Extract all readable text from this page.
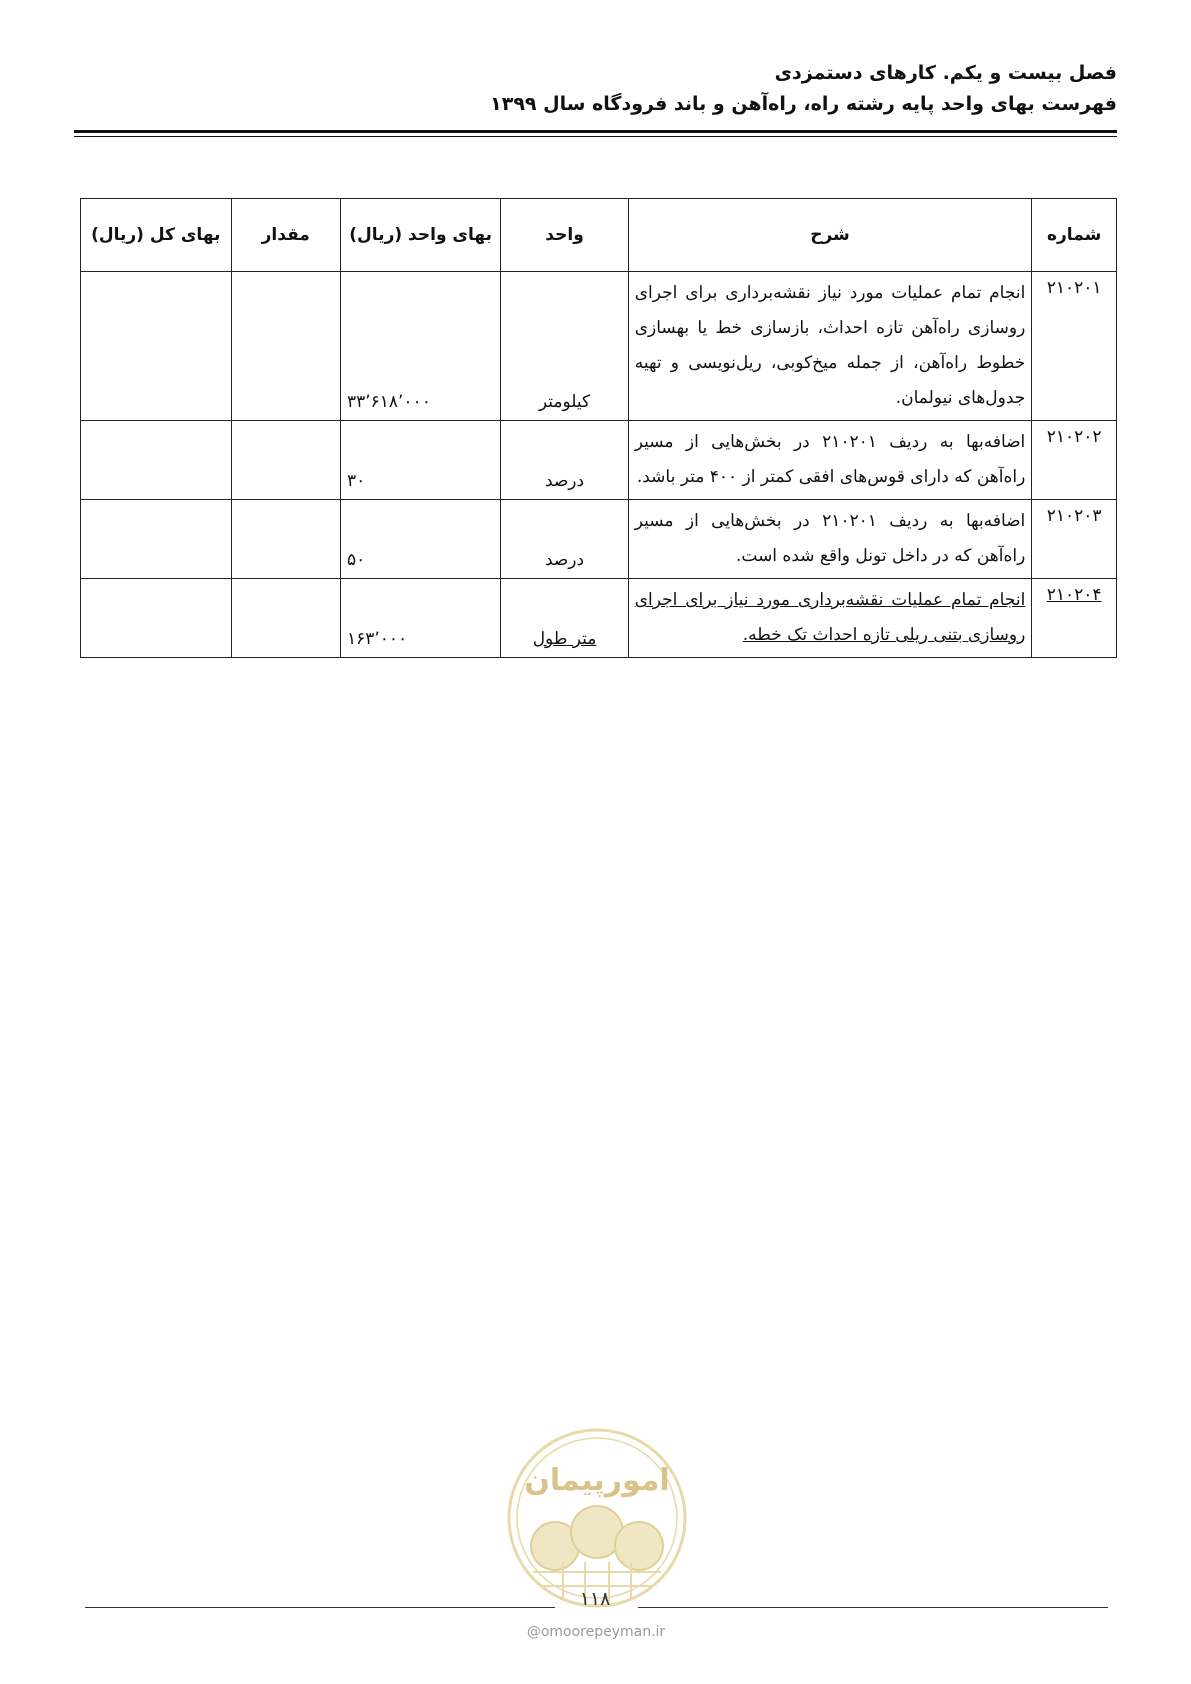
فصل بیست و یکم. کارهای دستمزدی
فهرست بهای واحد پایه رشته راه، راه‌آهن و باند فرودگاه سال ۱۳۹۹
شماره	شرح	واحد	بهای واحد (ریال)	مقدار	بهای کل (ریال)
۲۱۰۲۰۱	انجام تمام عملیات مورد نیاز نقشه‌برداری برای اجرای روسازی راه‌آهن تازه احداث، بازسازی خط یا بهسازی خطوط راه‌آهن، از جمله میخ‌کوبی، ریل‌نویسی و تهیه جدول‌های نیولمان.	کیلومتر	۳۳٬۶۱۸٬۰۰۰		
۲۱۰۲۰۲	اضافه‌بها به ردیف ۲۱۰۲۰۱ در بخش‌هایی از مسیر راه‌آهن که دارای قوس‌های افقی کمتر از ۴۰۰ متر باشد.	درصد	۳۰		
۲۱۰۲۰۳	اضافه‌بها به ردیف ۲۱۰۲۰۱ در بخش‌هایی از مسیر راه‌آهن که در داخل تونل واقع شده است.	درصد	۵۰		
۲۱۰۲۰۴	انجام تمام عملیات نقشه‌برداری مورد نیاز برای اجرای روسازی بتنی ریلی تازه احداث تک خطه.	متر طول	۱۶۳٬۰۰۰		
امورپیمان
۱۱۸
@omoorepeyman.ir
